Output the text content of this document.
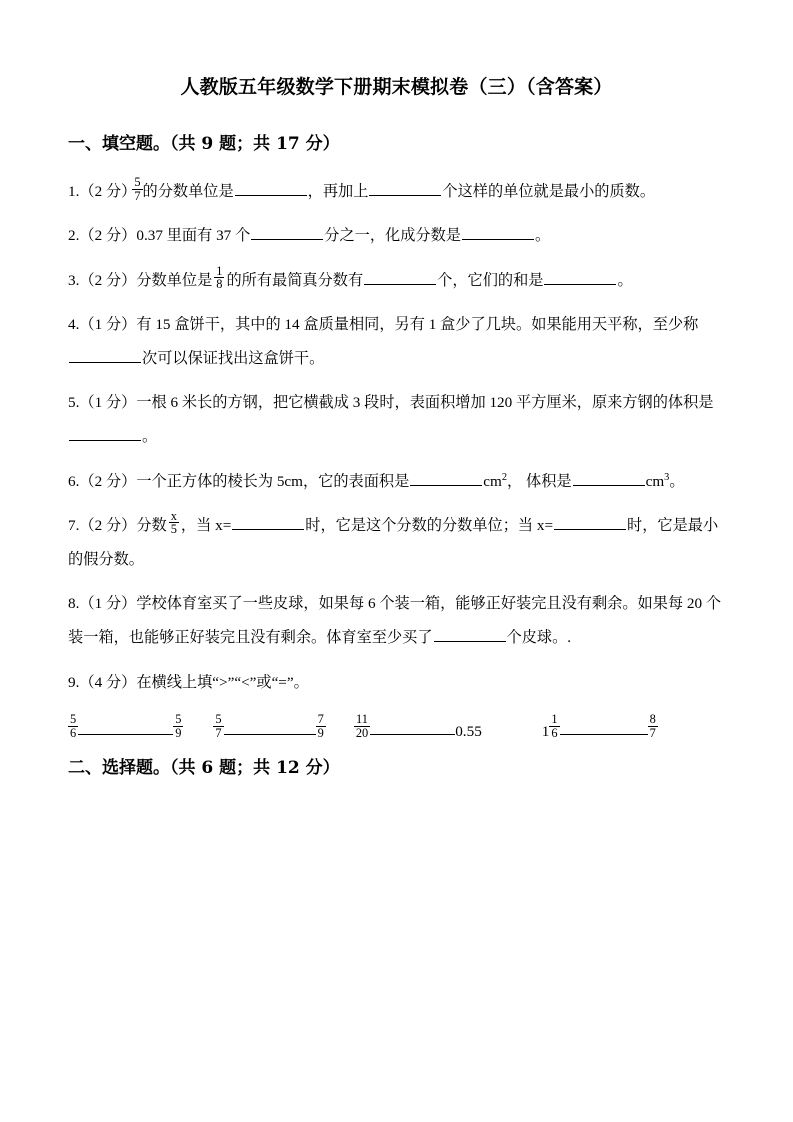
人教版五年级数学下册期末模拟卷（三）（含答案）
一、填空题。（共 9 题；共 17 分）
1.（2 分）
$\frac{5}{7}$ 的分数单位是	，再加上	个这样的单位就是最小的质数。
2.（2 分）0.37 里面有 37 个	分之一，化成分数是	。
3.（2 分）分数单位是 $\frac{1}{8}$ 的所有最简真分数有	个，它们的和是	。
4.（1 分）有 15 盒饼干，其中的 14 盒质量相同，另有 1 盒少了几块。如果能用天平称，至少称次可以保证找出这盒饼干。
5.（1 分）一根 6 米长的方钢，把它横截成 3 段时，表面积增加 120 平方厘米，原来方钢的体积是。
6.（2 分）一个正方体的棱长为 5cm，它的表面积是	$cm^2$， 体积是	$cm^3$。
7.（2 分）分数 $\frac{x}{5}$ ，当 x=	时，它是这个分数的分数单位；当 x=	时，它是最小的假分数。
8.（1 分）学校体育室买了一些皮球，如果每 6 个装一箱，能够正好装完且没有剩余。如果每 20 个装一箱，也能够正好装完且没有剩余。体育室至少买了	个皮球。.
9.（4 分）在横线上填“>”“<”或“=”。
$\frac{5}{6}$	$\frac{5}{9} \frac{5}{7}$	$\frac{7}{9} \frac{11}{20}$	0.55	$1 \frac{1}{6}$	$\frac{8}{7}$
二、选择题。（共 6 题；共 12 分）
